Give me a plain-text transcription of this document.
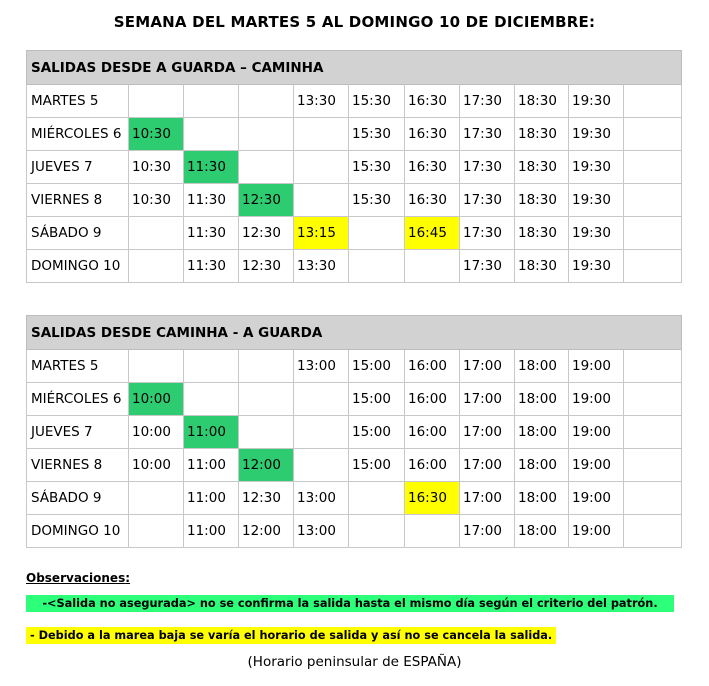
SEMANA DEL MARTES 5 AL DOMINGO 10 DE DICIEMBRE:
SALIDAS DESDE A GUARDA – CAMINHA										
MARTES 5				13:30	15:30	16:30	17:30	18:30	19:30	
MIÉRCOLES 6	10:30				15:30	16:30	17:30	18:30	19:30	
JUEVES 7	10:30	11:30			15:30	16:30	17:30	18:30	19:30	
VIERNES 8	10:30	11:30	12:30		15:30	16:30	17:30	18:30	19:30	
SÁBADO 9		11:30	12:30	13:15		16:45	17:30	18:30	19:30	
DOMINGO 10		11:30	12:30	13:30			17:30	18:30	19:30	
SALIDAS DESDE CAMINHA - A GUARDA										
MARTES 5				13:00	15:00	16:00	17:00	18:00	19:00	
MIÉRCOLES 6	10:00				15:00	16:00	17:00	18:00	19:00	
JUEVES 7	10:00	11:00			15:00	16:00	17:00	18:00	19:00	
VIERNES 8	10:00	11:00	12:00		15:00	16:00	17:00	18:00	19:00	
SÁBADO 9		11:00	12:30	13:00		16:30	17:00	18:00	19:00	
DOMINGO 10		11:00	12:00	13:00			17:00	18:00	19:00	
Observaciones:
-<Salida no asegurada> no se confirma la salida hasta el mismo día según el criterio del patrón.
- Debido a la marea baja se varía el horario de salida y así no se cancela la salida.
(Horario peninsular de ESPAÑA)
